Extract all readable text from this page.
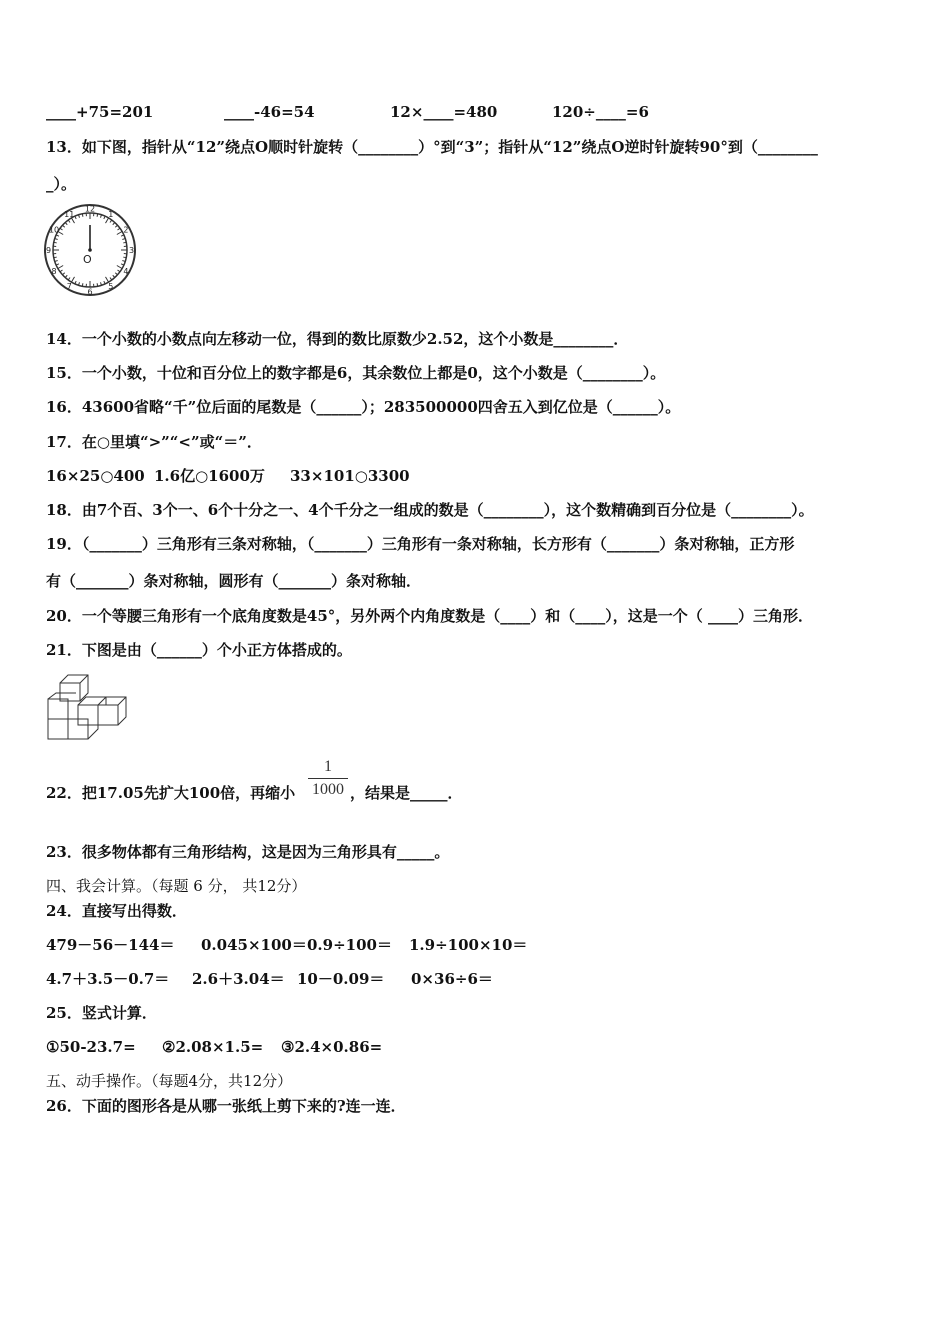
____+75=201	____-46=54	12×____=480	120÷____=6
13．如下图，指针从“12”绕点O顺时针旋转（________）°到“3”；指针从“12”绕点O逆时针旋转90°到（________
_）。
12
1
2
3
4
5
6
7
8
9
10
11
O
14．一个小数的小数点向左移动一位，得到的数比原数少2.52，这个小数是________．
15．一个小数，十位和百分位上的数字都是6，其余数位上都是0，这个小数是（________）。
16．43600省略“千”位后面的尾数是（______）；283500000四舍五入到亿位是（______）。
17．在○里填“>”“<”或“＝”．
16×25○400 1.6亿○1600万 33×101○3300
18．由7个百、3个一、6个十分之一、4个千分之一组成的数是（________），这个数精确到百分位是（________）。
19．（_______）三角形有三条对称轴，（_______）三角形有一条对称轴，长方形有（_______）条对称轴，正方形
有（_______）条对称轴，圆形有（_______）条对称轴．
20．一个等腰三角形有一个底角度数是45°，另外两个内角度数是（____）和（____），这是一个（ ____）三角形．
21．下图是由（______）个小正方体搭成的。
22．把17.05先扩大100倍，再缩小
1
1000 ，结果是_____．
23．很多物体都有三角形结构，这是因为三角形具有_____。
四、我会计算。（每题 6 分， 共12分）
24．直接写出得数．
479－56－144＝ 0.045×100＝ 0.9÷100＝ 1.9÷100×10＝
4.7＋3.5－0.7＝ 2.6＋3.04＝ 10－0.09＝ 0×36÷6＝
25．竖式计算．
①50-23.7= ②2.08×1.5= ③2.4×0.86=
五、动手操作。（每题4分，共12分）
26．下面的图形各是从哪一张纸上剪下来的?连一连．
